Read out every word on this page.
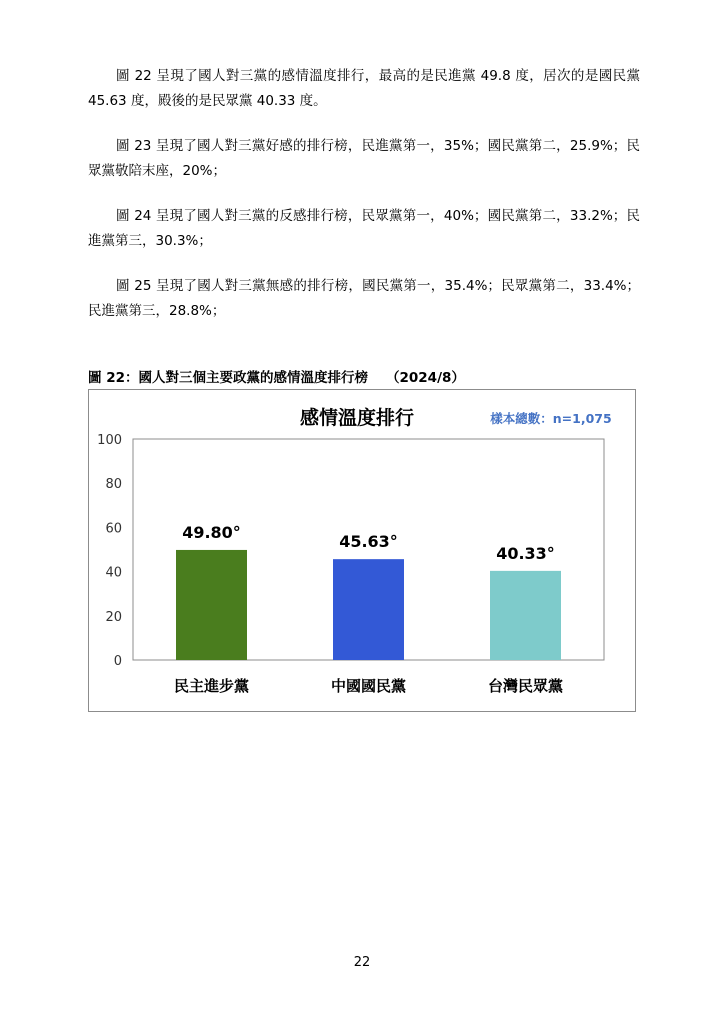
圖 22 呈現了國人對三黨的感情溫度排行，最高的是民進黨 49.8 度，居次的是國民黨 45.63 度，殿後的是民眾黨 40.33 度。

圖 23 呈現了國人對三黨好感的排行榜，民進黨第一，35%；國民黨第二，25.9%；民眾黨敬陪末座，20%；

圖 24 呈現了國人對三黨的反感排行榜，民眾黨第一，40%；國民黨第二，33.2%；民進黨第三，30.3%；

圖 25 呈現了國人對三黨無感的排行榜，國民黨第一，35.4%；民眾黨第二，33.4%；民進黨第三，28.8%；

圖 22：國人對三個主要政黨的感情溫度排行榜 （2024/8）
感情溫度排行	樣本總數：n=1,075
0
20
40
60
80
100
49.80°
民主進步黨
45.63°
中國國民黨
40.33°
台灣民眾黨
22
